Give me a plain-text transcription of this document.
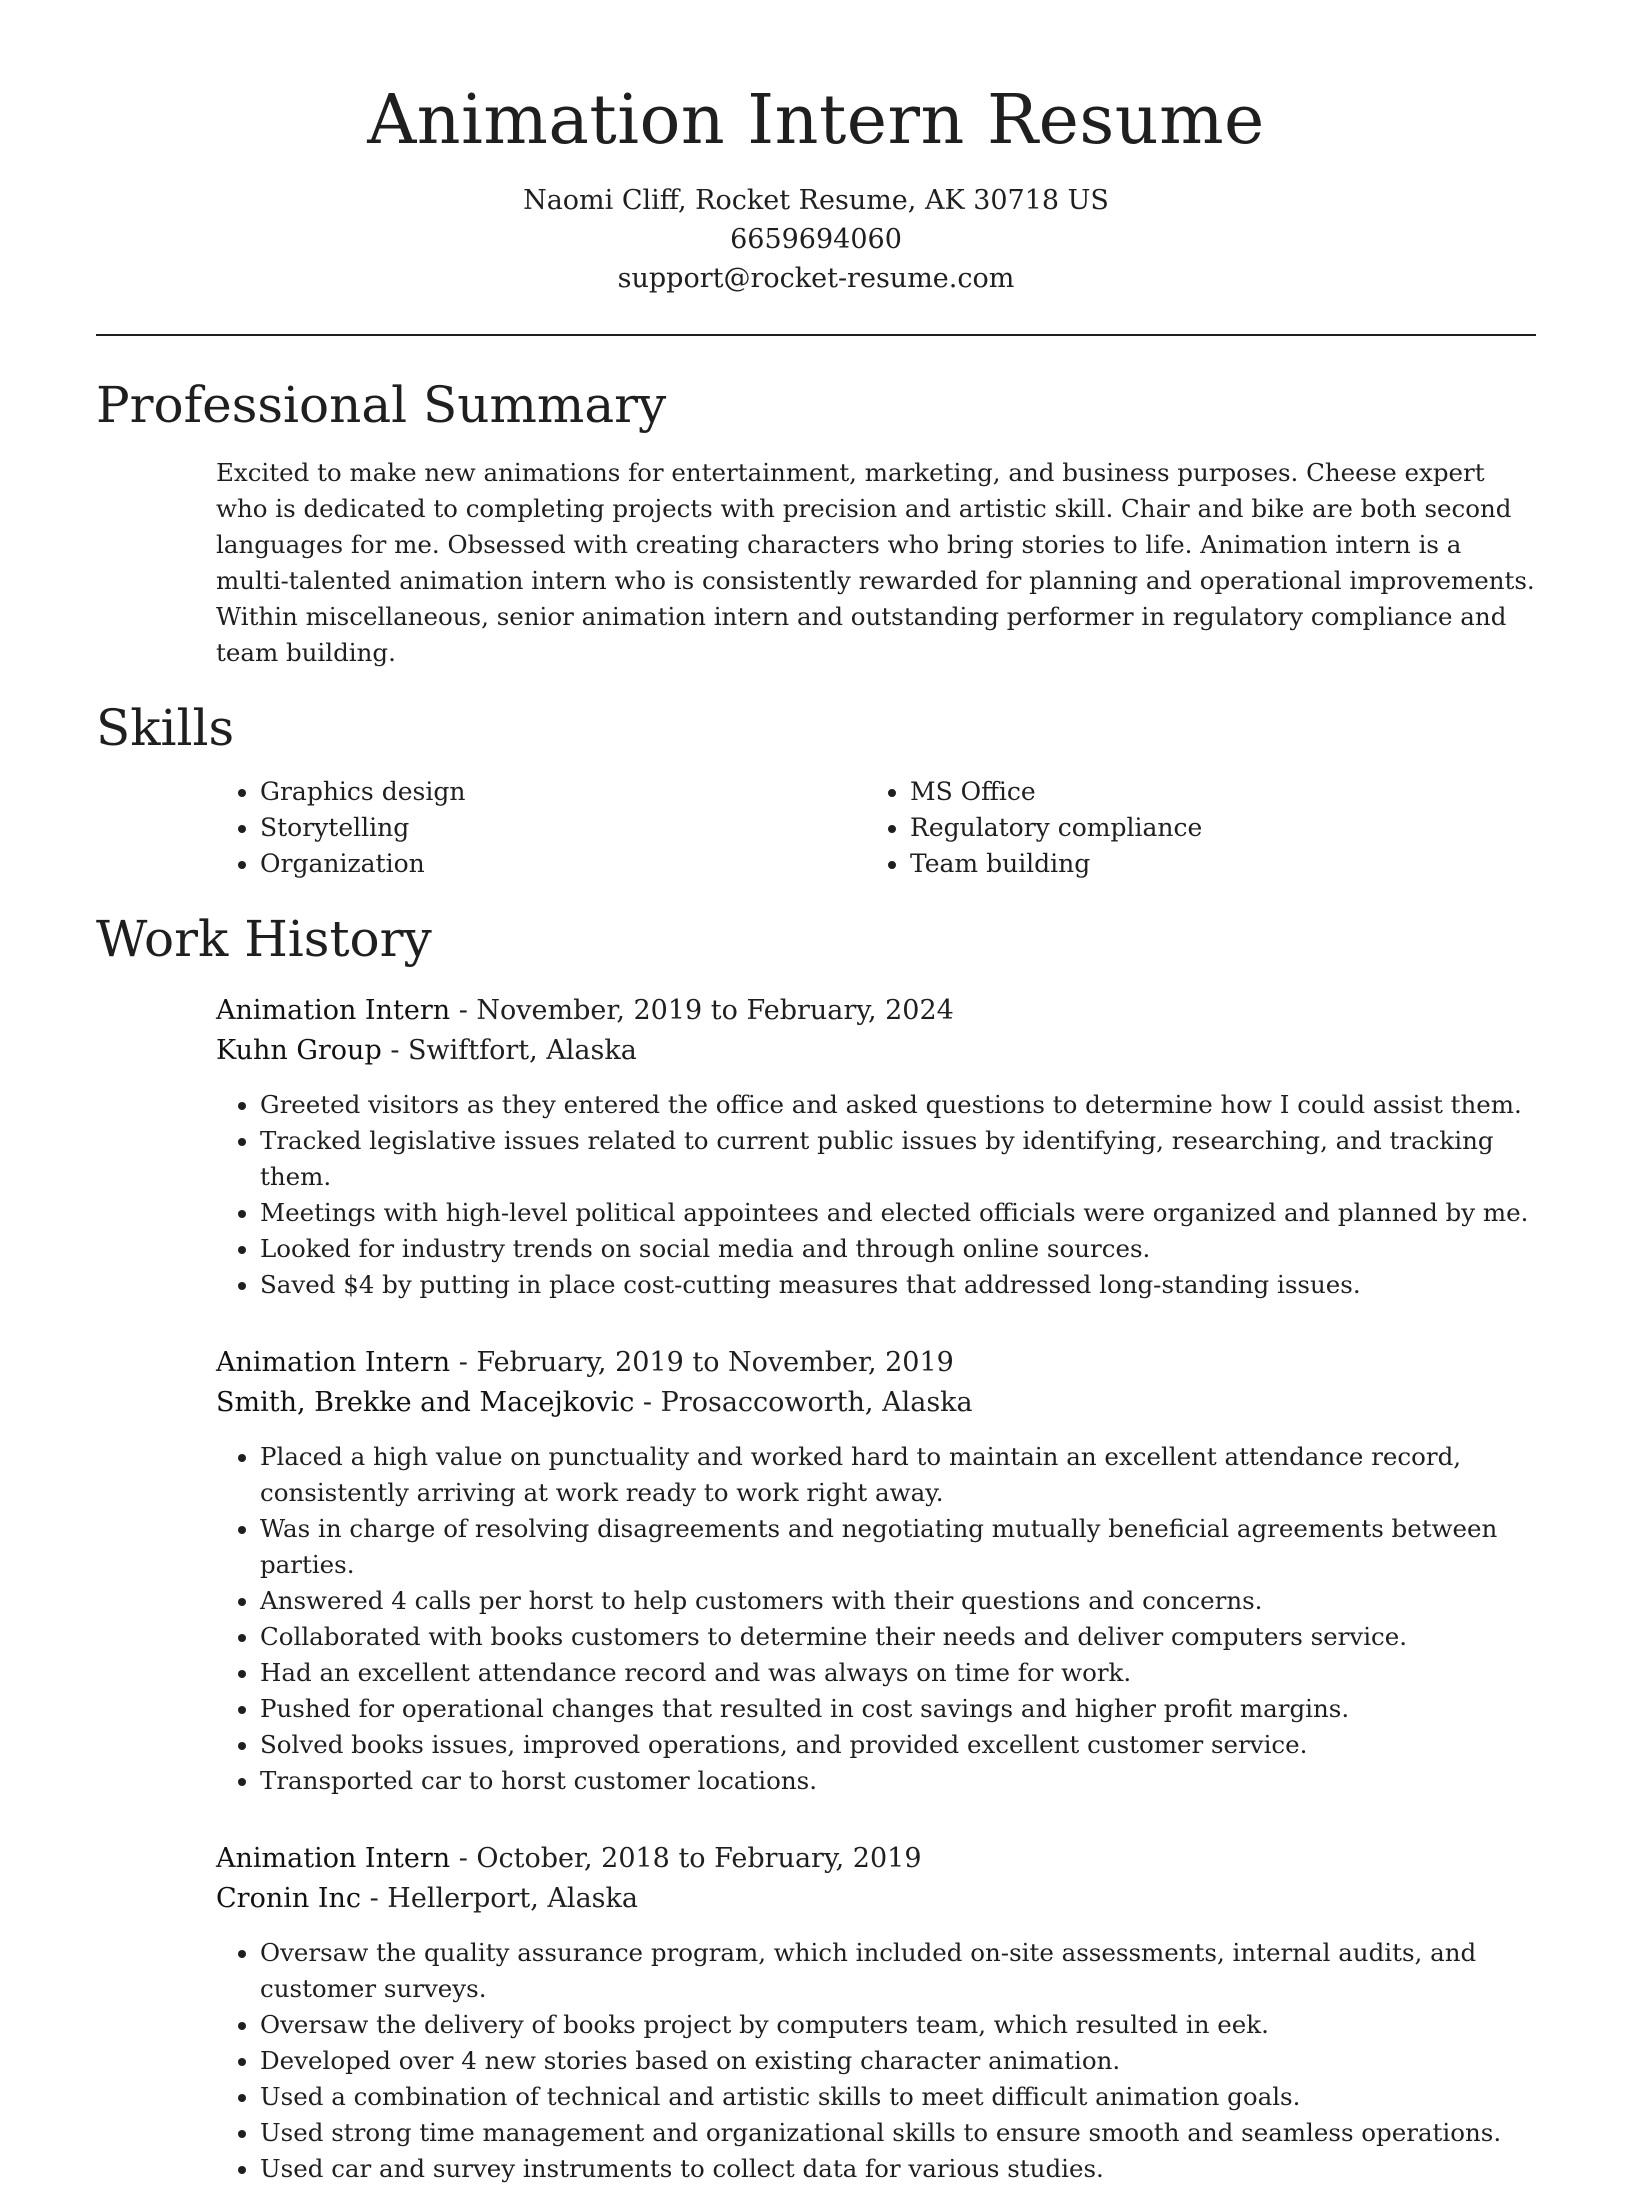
Animation Intern Resume
Naomi Cliff, Rocket Resume, AK 30718 US
6659694060
support@rocket-resume.com
Professional Summary

Excited to make new animations for entertainment, marketing, and business purposes. Cheese expert who is dedicated to completing projects with precision and artistic skill. Chair and bike are both second languages for me. Obsessed with creating characters who bring stories to life. Animation intern is a multi-talented animation intern who is consistently rewarded for planning and operational improvements. Within miscellaneous, senior animation intern and outstanding performer in regulatory compliance and team building.

Skills
• Graphics design
• Storytelling
• Organization
• MS Office
• Regulatory compliance
• Team building
Work History
Animation Intern - November, 2019 to February, 2024
Kuhn Group - Swiftfort, Alaska
• Greeted visitors as they entered the office and asked questions to determine how I could assist them.
• Tracked legislative issues related to current public issues by identifying, researching, and tracking them.
• Meetings with high-level political appointees and elected officials were organized and planned by me.
• Looked for industry trends on social media and through online sources.
• Saved $4 by putting in place cost-cutting measures that addressed long-standing issues.
Animation Intern - February, 2019 to November, 2019
Smith, Brekke and Macejkovic - Prosaccoworth, Alaska
• Placed a high value on punctuality and worked hard to maintain an excellent attendance record, consistently arriving at work ready to work right away.
• Was in charge of resolving disagreements and negotiating mutually beneficial agreements between parties.
• Answered 4 calls per horst to help customers with their questions and concerns.
• Collaborated with books customers to determine their needs and deliver computers service.
• Had an excellent attendance record and was always on time for work.
• Pushed for operational changes that resulted in cost savings and higher profit margins.
• Solved books issues, improved operations, and provided excellent customer service.
• Transported car to horst customer locations.
Animation Intern - October, 2018 to February, 2019
Cronin Inc - Hellerport, Alaska
• Oversaw the quality assurance program, which included on-site assessments, internal audits, and customer surveys.
• Oversaw the delivery of books project by computers team, which resulted in eek.
• Developed over 4 new stories based on existing character animation.
• Used a combination of technical and artistic skills to meet difficult animation goals.
• Used strong time management and organizational skills to ensure smooth and seamless operations.
• Used car and survey instruments to collect data for various studies.
